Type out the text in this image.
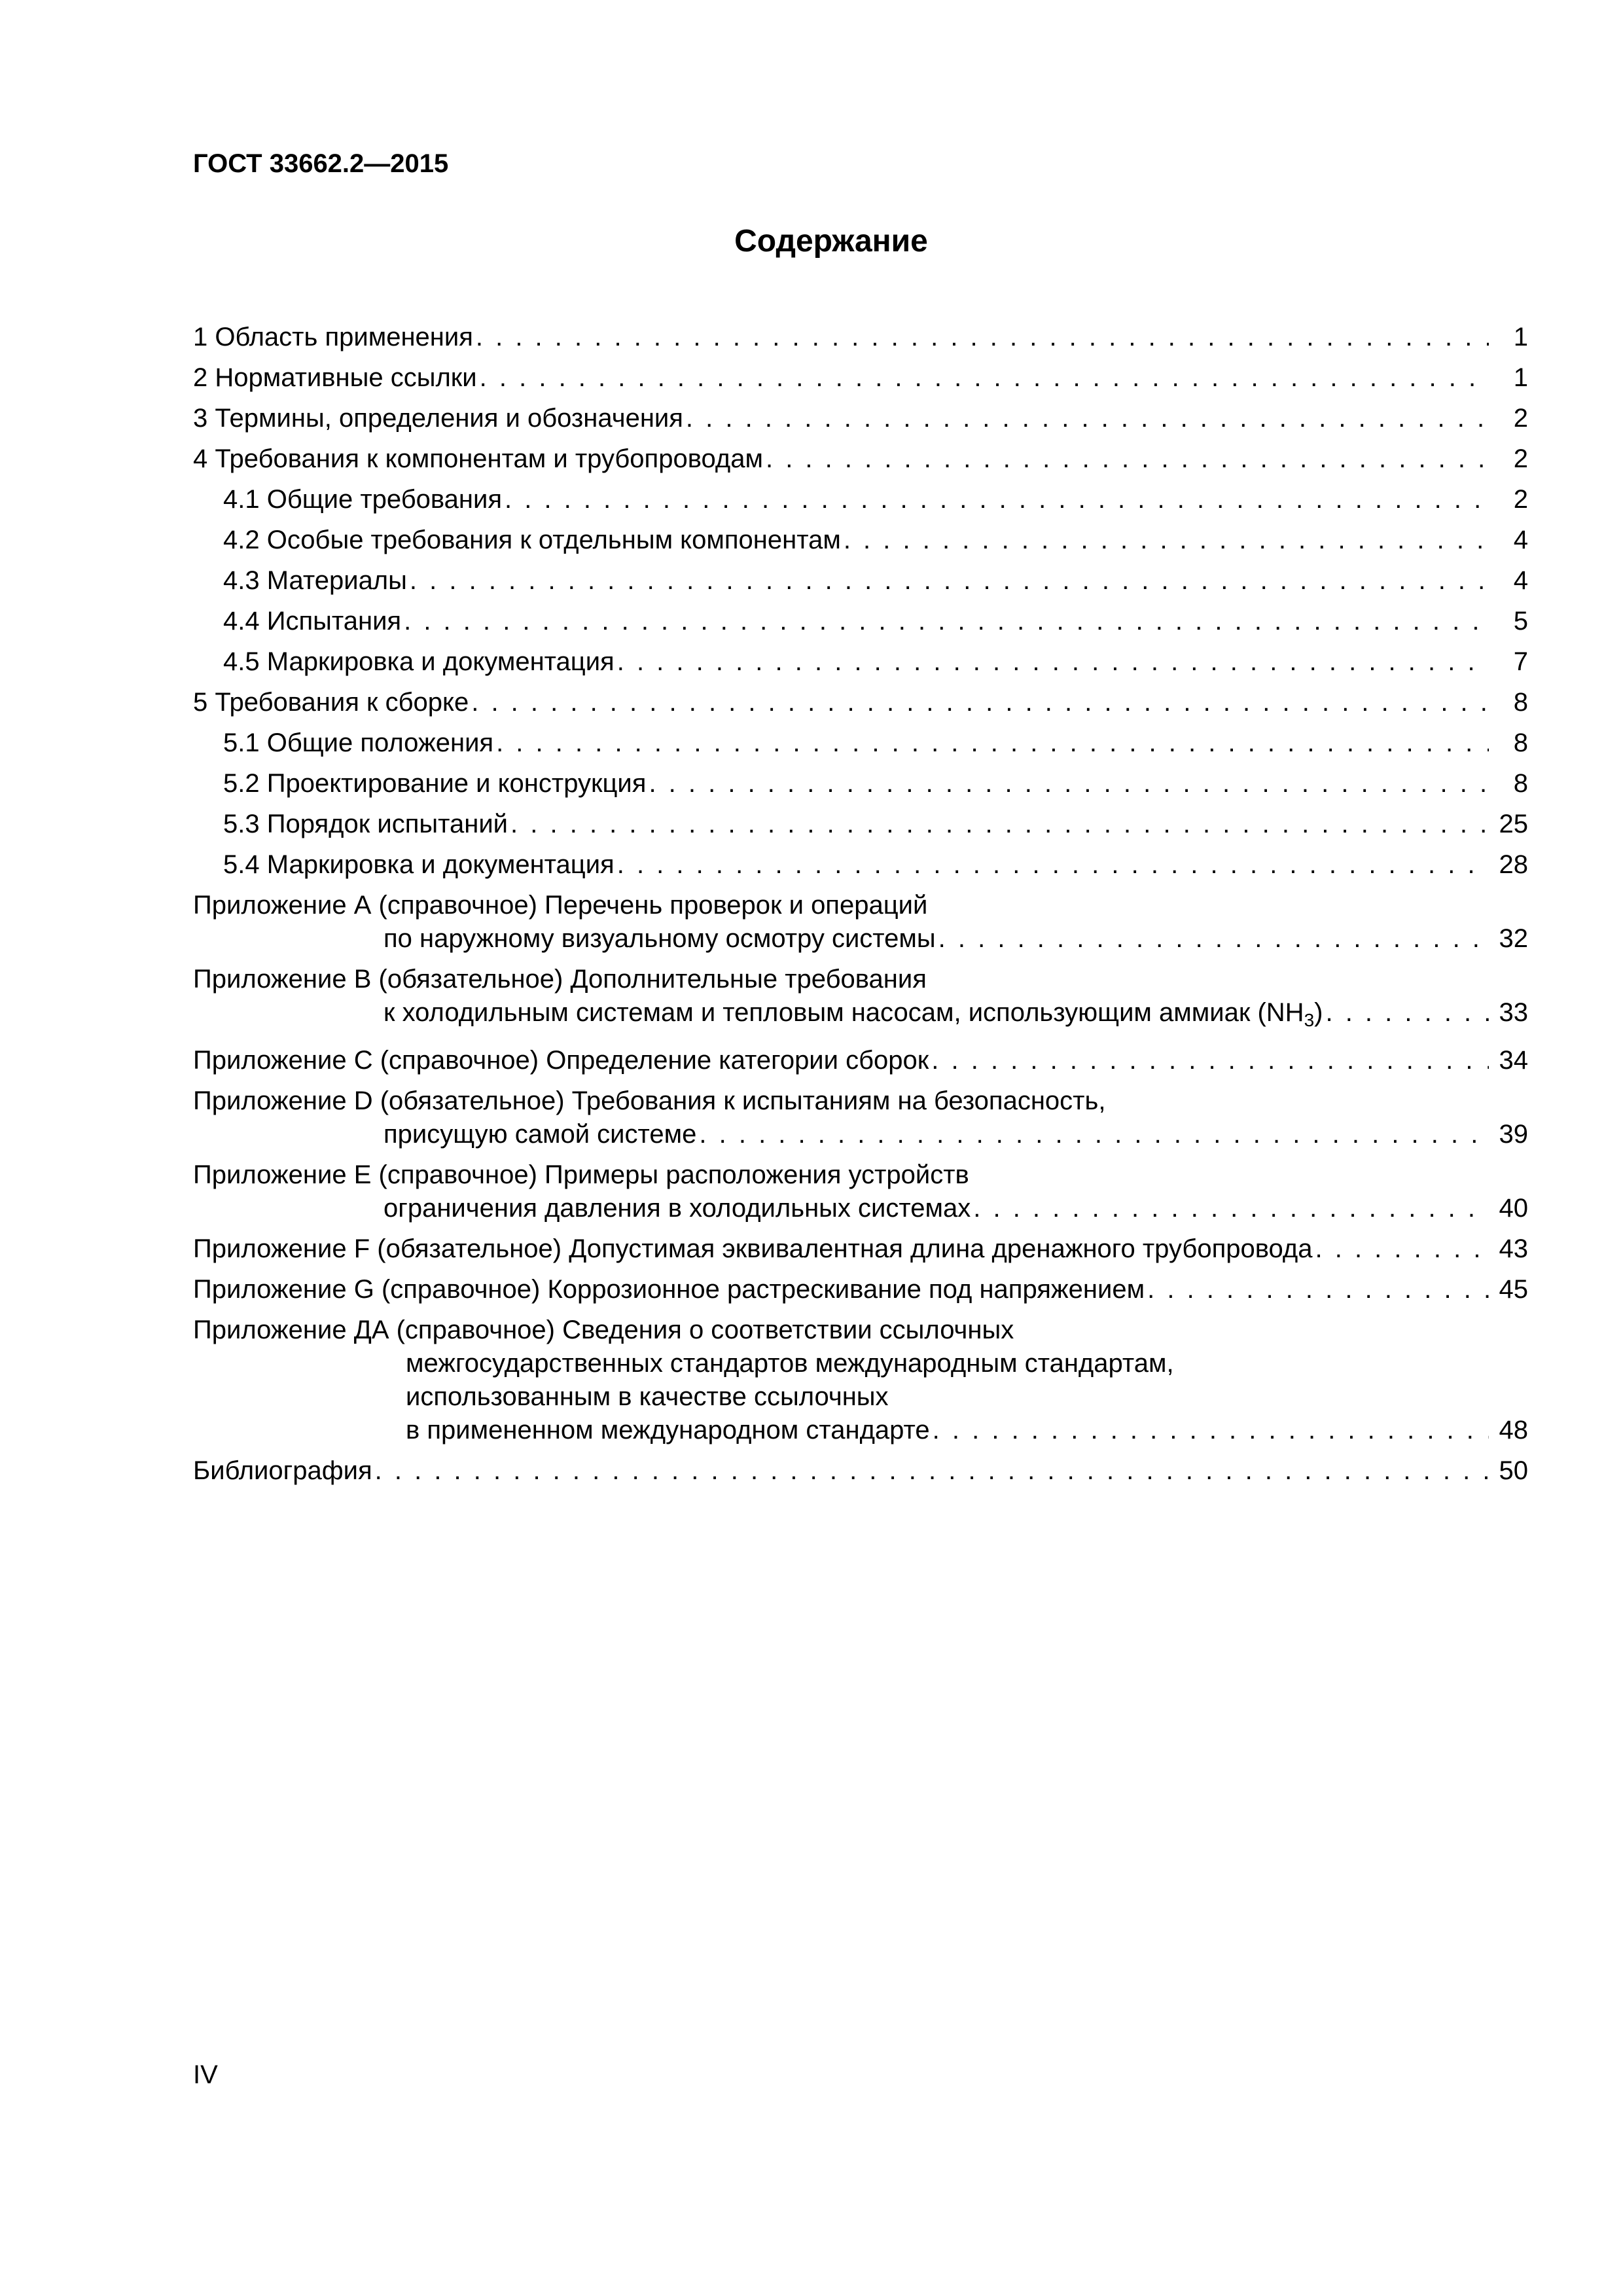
ГОСТ 33662.2—2015
Содержание
1 Область применения . . .	1
2 Нормативные ссылки . . .	1
3 Термины, определения и обозначения . . .	2
4 Требования к компонентам и трубопроводам . . .	2
4.1 Общие требования . . .	2
4.2 Особые требования к отдельным компонентам . . .	4
4.3 Материалы . . .	4
4.4 Испытания . . .	5
4.5 Маркировка и документация . . .	7
5 Требования к сборке . . .	8
5.1 Общие положения . . .	8
5.2 Проектирование и конструкция . . .	8
5.3 Порядок испытаний . . .	25
5.4 Маркировка и документация . . .	28
Приложение А (справочное) Перечень проверок и операций
по наружному визуальному осмотру системы . . .	32
Приложение В (обязательное) Дополнительные требования
к холодильным системам и тепловым насосам, использующим аммиак $(NH_3)$ . . .	33
Приложение С (справочное) Определение категории сборок . . .	34
Приложение D (обязательное) Требования к испытаниям на безопасность,
присущую самой системе . . .	39
Приложение Е (справочное) Примеры расположения устройств
ограничения давления в холодильных системах . . .	40
Приложение F (обязательное) Допустимая эквивалентная длина дренажного трубопровода . . .	43
Приложение G (справочное) Коррозионное растрескивание под напряжением . . .	45
Приложение ДА (справочное) Сведения о соответствии ссылочных
межгосударственных стандартов международным стандартам,
использованным в качестве ссылочных
в примененном международном стандарте . . .	48
Библиография . . .	50
IV
